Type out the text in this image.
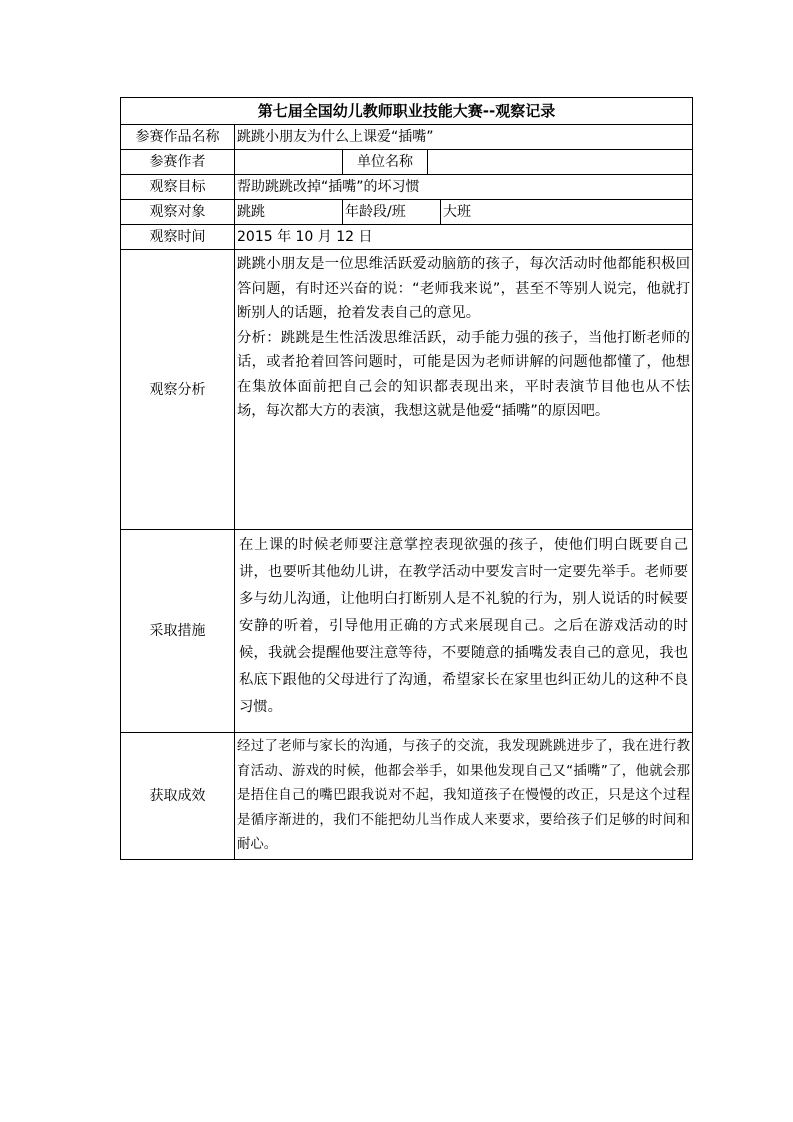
第七届全国幼儿教师职业技能大赛--观察记录				
参赛作品名称	跳跳小朋友为什么上课爱“插嘴”			
参赛作者		单位名称		
观察目标	帮助跳跳改掉“插嘴”的坏习惯			
观察对象	跳跳	年龄段/班		大班
观察时间	2015 年 10 月 12 日			
观察分析	跳跳小朋友是一位思维活跃爱动脑筋的孩子，每次活动时他都能积极回答问题，有时还兴奋的说：“老师我来说”，甚至不等别人说完，他就打断别人的话题，抢着发表自己的意见。

分析：跳跳是生性活泼思维活跃，动手能力强的孩子，当他打断老师的话，或者抢着回答问题时，可能是因为老师讲解的问题他都懂了，他想在集放体面前把自己会的知识都表现出来，平时表演节目他也从不怯场，每次都大方的表演，我想这就是他爱“插嘴”的原因吧。			

采取措施	在上课的时候老师要注意掌控表现欲强的孩子，使他们明白既要自己讲，也要听其他幼儿讲，在教学活动中要发言时一定要先举手。老师要多与幼儿沟通，让他明白打断别人是不礼貌的行为，别人说话的时候要安静的听着，引导他用正确的方式来展现自己。之后在游戏活动的时候，我就会提醒他要注意等待，不要随意的插嘴发表自己的意见，我也私底下跟他的父母进行了沟通，希望家长在家里也纠正幼儿的这种不良习惯。			
获取成效	经过了老师与家长的沟通，与孩子的交流，我发现跳跳进步了，我在进行教育活动、游戏的时候，他都会举手，如果他发现自己又“插嘴”了，他就会那是捂住自己的嘴巴跟我说对不起，我知道孩子在慢慢的改正，只是这个过程是循序渐进的，我们不能把幼儿当作成人来要求，要给孩子们足够的时间和耐心。			
